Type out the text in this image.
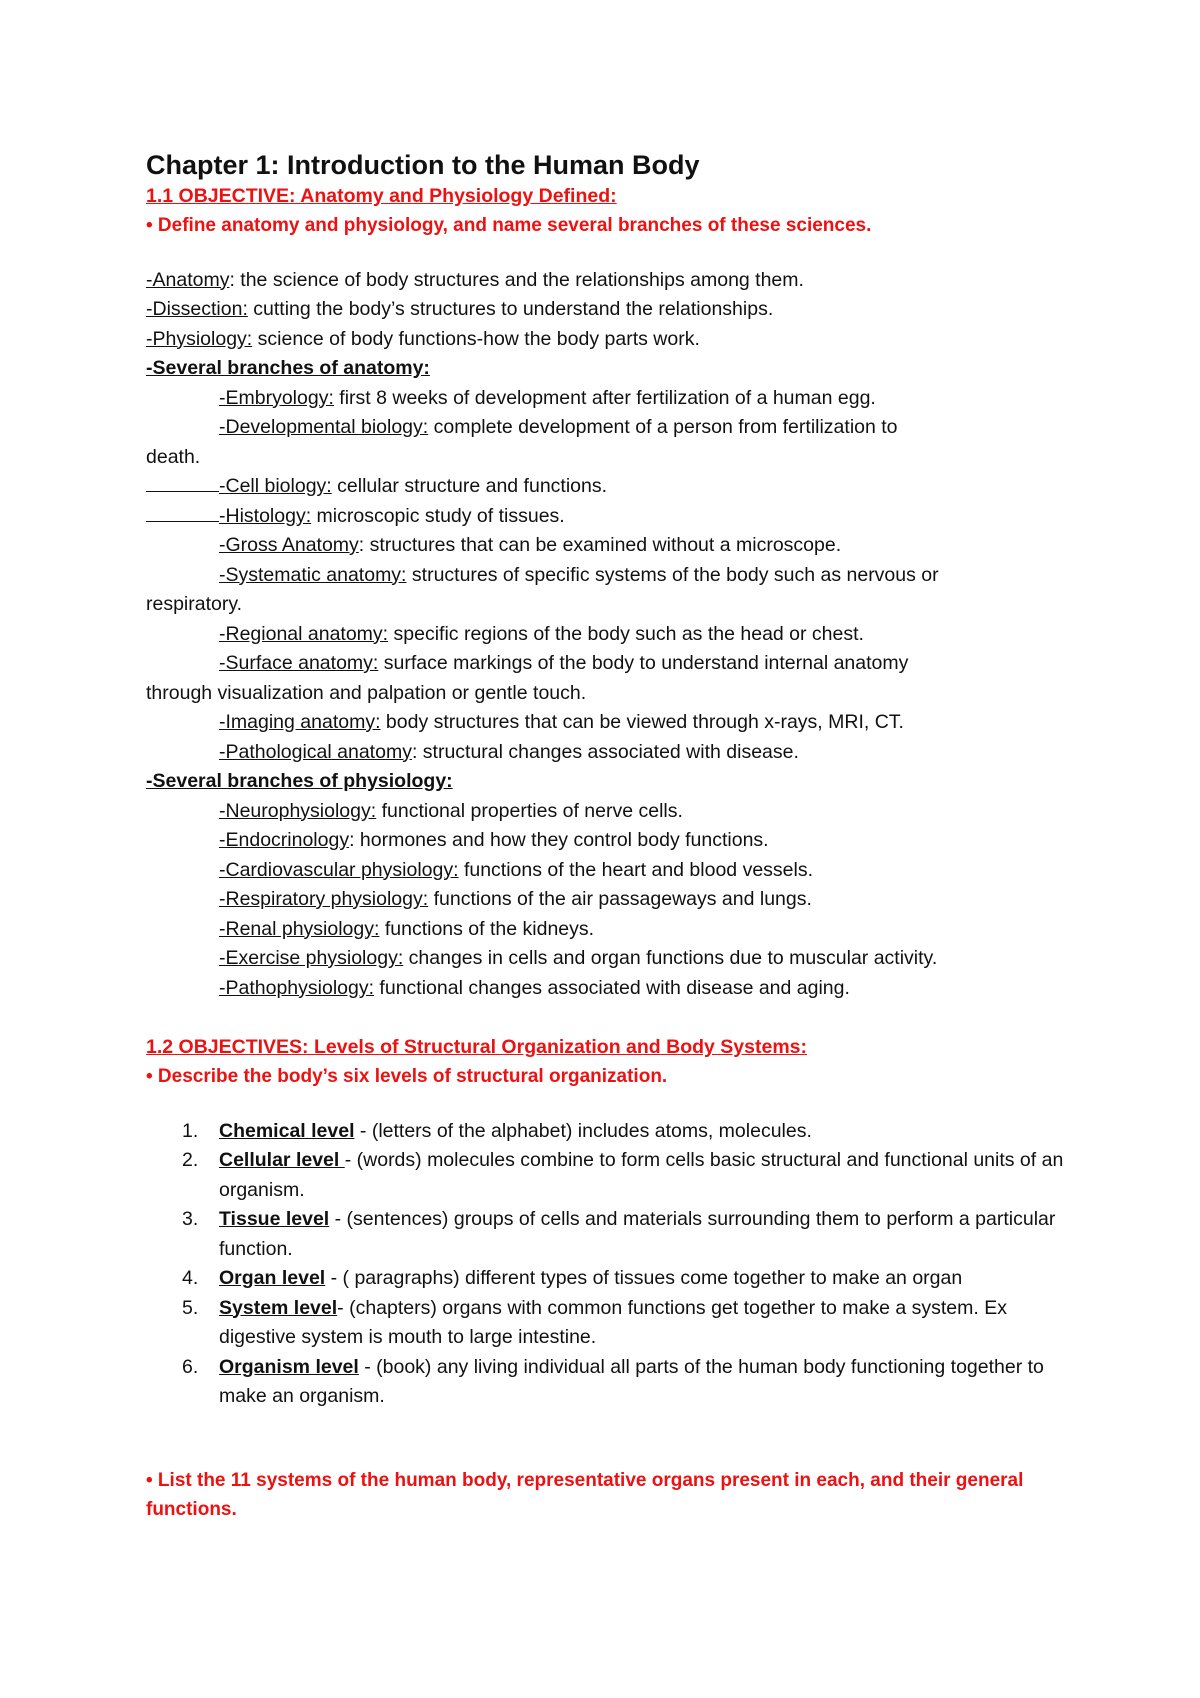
Chapter 1: Introduction to the Human Body
1.1 OBJECTIVE: Anatomy and Physiology Defined:
• Define anatomy and physiology, and name several branches of these sciences.
-Anatomy: the science of body structures and the relationships among them.
-Dissection: cutting the body’s structures to understand the relationships.
-Physiology: science of body functions-how the body parts work.
-Several branches of anatomy:
-Embryology: first 8 weeks of development after fertilization of a human egg.
-Developmental biology: complete development of a person from fertilization to
death.
-Cell biology: cellular structure and functions.
-Histology: microscopic study of tissues.
-Gross Anatomy: structures that can be examined without a microscope.
-Systematic anatomy: structures of specific systems of the body such as nervous or
respiratory.
-Regional anatomy: specific regions of the body such as the head or chest.
-Surface anatomy: surface markings of the body to understand internal anatomy
through visualization and palpation or gentle touch.
-Imaging anatomy: body structures that can be viewed through x-rays, MRI, CT.
-Pathological anatomy: structural changes associated with disease.
-Several branches of physiology:
-Neurophysiology: functional properties of nerve cells.
-Endocrinology: hormones and how they control body functions.
-Cardiovascular physiology: functions of the heart and blood vessels.
-Respiratory physiology: functions of the air passageways and lungs.
-Renal physiology: functions of the kidneys.
-Exercise physiology: changes in cells and organ functions due to muscular activity.
-Pathophysiology: functional changes associated with disease and aging.
1.2 OBJECTIVES: Levels of Structural Organization and Body Systems:
• Describe the body’s six levels of structural organization.
1. Chemical level - (letters of the alphabet) includes atoms, molecules.
2. Cellular level - (words) molecules combine to form cells basic structural and functional units of an organism.
3. Tissue level - (sentences) groups of cells and materials surrounding them to perform a particular function.
4. Organ level - ( paragraphs) different types of tissues come together to make an organ
5. System level- (chapters) organs with common functions get together to make a system. Ex digestive system is mouth to large intestine.
6. Organism level - (book) any living individual all parts of the human body functioning together to make an organism.
• List the 11 systems of the human body, representative organs present in each, and their general functions.
